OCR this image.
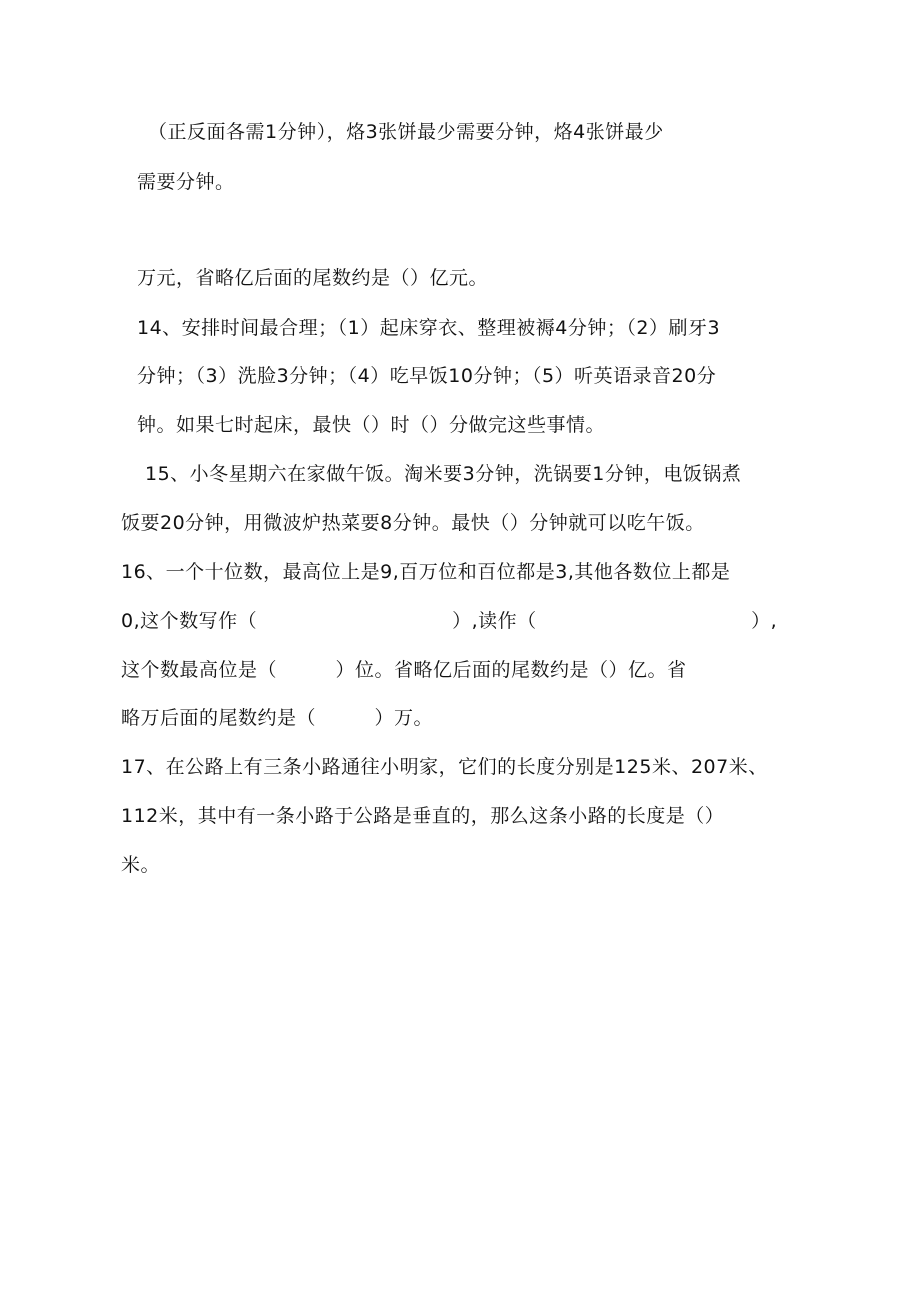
（正反面各需1分钟），烙3张饼最少需要分钟，烙4张饼最少
需要分钟。
万元，省略亿后面的尾数约是（）亿元。
14、安排时间最合理；（1）起床穿衣、整理被褥4分钟；（2）刷牙3
分钟；（3）洗脸3分钟；（4）吃早饭10分钟；（5）听英语录音20分
钟。如果七时起床，最快（）时（）分做完这些事情。
15、小冬星期六在家做午饭。淘米要3分钟，洗锅要1分钟，电饭锅煮
饭要20分钟，用微波炉热菜要8分钟。最快（）分钟就可以吃午饭。
16、一个十位数，最高位上是9,百万位和百位都是3,其他各数位上都是
0,这个数写作（　　　　　　　　　　）,读作（　　　　　　　　　　　）,
这个数最高位是（　　　）位。省略亿后面的尾数约是（）亿。省
略万后面的尾数约是（　　　）万。
17、在公路上有三条小路通往小明家，它们的长度分别是125米、207米、
112米，其中有一条小路于公路是垂直的，那么这条小路的长度是（）
米。
